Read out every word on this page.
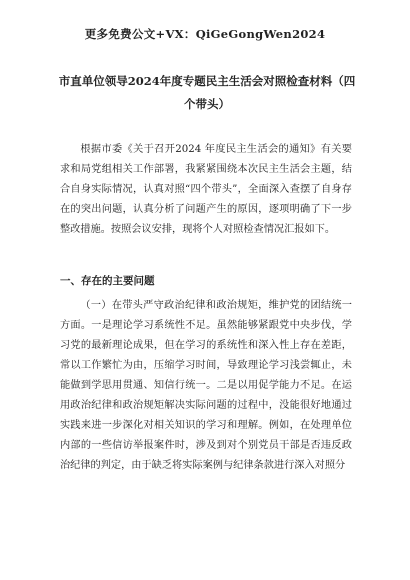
更多免费公文+VX：QiGeGongWen2024
市直单位领导2024年度专题民主生活会对照检查材料（四个带头）

根据市委《关于召开2024 年度民主生活会的通知》有关要求和局党组相关工作部署，我紧紧围绕本次民主生活会主题，结合自身实际情况，认真对照“四个带头”，全面深入查摆了自身存在的突出问题，认真分析了问题产生的原因，逐项明确了下一步整改措施。按照会议安排，现将个人对照检查情况汇报如下。

一、存在的主要问题

（一）在带头严守政治纪律和政治规矩，维护党的团结统一方面。一是理论学习系统性不足。虽然能够紧跟党中央步伐，学习党的最新理论成果，但在学习的系统性和深入性上存在差距，常以工作繁忙为由，压缩学习时间，导致理论学习浅尝辄止，未能做到学思用贯通、知信行统一。二是以用促学能力不足。在运用政治纪律和政治规矩解决实际问题的过程中，没能很好地通过实践来进一步深化对相关知识的学习和理解。例如，在处理单位内部的一些信访举报案件时，涉及到对个别党员干部是否违反政治纪律的判定，由于缺乏将实际案例与纪律条款进行深入对照分
